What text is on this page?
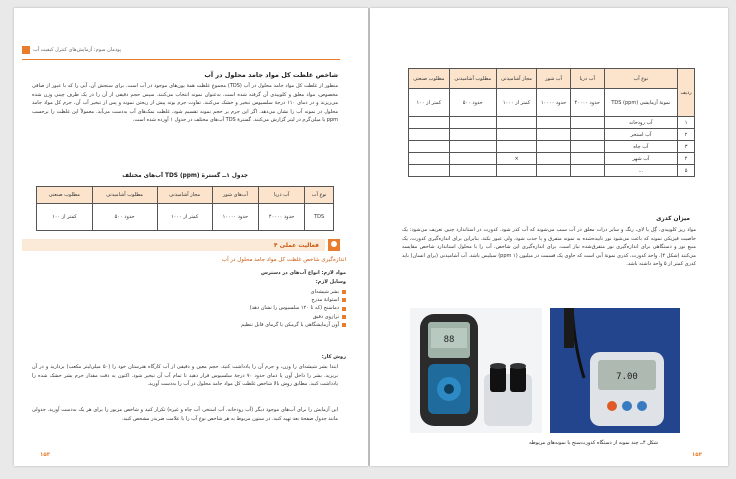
پودمان سوم: آزمایش‌های کنترل کیفیت آب
شاخص غلظت کل مواد جامد محلول در آب
منظور از غلظت کل مواد جامد محلول در آب (TDS) مجموع غلظت همهٔ یون‌های موجود در آب است. برای سنجش آن، آبی را که با عبور از صافی مخصوص، مواد معلق و کلوییدی آن گرفته شده است، به‌عنوان نمونه انتخاب می‌کنند. سپس حجم دقیقی از آن را در یک ظرف چینی وزن شده می‌ریزند و در دمای ۱۱۰ درجهٔ سلسیوس تبخیر و خشک می‌کنند. تفاوت جرم بوته پیش از ریختن نمونه و پس از تبخیر آب آن، جرم کل مواد جامد محلول در نمونه آب را نشان می‌دهد. اگر این جرم بر حجم نمونه تقسیم شود، غلظت نمک‌های آب به‌دست می‌آید. معمولاً این غلظت را برحسب ppm یا میلی‌گرم در لیتر گزارش می‌کنند. گسترهٔ TDS آب‌های مختلف در جدول ۱ آورده شده است.
جدول ۱ــ گسترهٔ TDS (ppm) آب‌های مختلف
نوع آب	آب دریا	آب‌های شور	مجاز آشامیدنی	مطلوب آشامیدنی	مطلوب صنعتی
TDS	حدود ۴۰۰۰۰	حدود ۱۰۰۰۰	کمتر از ۱۰۰۰	حدود ۵۰۰	کمتر از ۱۰۰
فعالیت عملی ۴
اندازه‌گیری شاخص غلظت کل مواد جامد محلول در آب
مواد لازم: انواع آب‌های در دسترس
وسایل لازم:
بشر شیشه‌ای
استوانهٔ مدرج
دماسنج (که تا ۱۲۰ سلسیوس را نشان دهد)
ترازوی دقیق
آون آزمایشگاهی یا گرمکن یا گرمای قابل تنظیم
روش کار:
ابتدا بشر شیشه‌ای را وزن، و جرم آن را یادداشت کنید. حجم معین و دقیقی از آب کارگاه هنرستان خود را (۵۰ میلی‌لیتر مکعب) بردارید و در آن بریزید. بشر را داخل آون یا دمای حدود ۷۰ درجهٔ سلسیوس قرار دهید تا تمام آب آن تبخیر شود. اکنون به دقت مقدار جرم بشر خشک شده را یادداشت کنید. مطابق روش بالا شاخص غلظت کل مواد جامد محلول در آب را به‌دست آورید.
این آزمایش را برای آب‌های موجود دیگر (آب رودخانه، آب استخر، آب چاه و غیره) تکرار کنید و شاخص مزبور را برای هر یک به‌دست آورید. جدولی مانند جدول صفحهٔ بعد تهیه کنید. در ستون مربوط به هر شاخص نوع آب را با علامت ضربدر مشخص کنید.
۱۵۳
ردیف	نوع آب	آب دریا	آب شور	مجاز آشامیدنی	مطلوب آشامیدنی	مطلوب صنعتی
	نمونهٔ آزمایشی (ppm) TDS	حدود ۴۰۰۰۰	حدود ۱۰۰۰۰	کمتر از ۱۰۰۰	حدود ۵۰۰	کمتر از ۱۰۰
۱	آب رودخانه					
۲	آب استخر					
۳	آب چاه					
۴	آب شهر			×		
۵	...					
میزان کدری
مواد ریز کلوییدی، گِل یا لای، رنگ و سایر ذرات معلق در آب سبب می‌شوند که آب کدر شود. کدورت در استاندارد چنین تعریف می‌شود: یک خاصیت فیزیکی نمونه که باعث می‌شود نور تابیده‌شده به نمونه متفرق و یا جذب شود، ولی عبور نکند. بنابراین برای اندازه‌گیری کدورت، یک منبع نور و دستگاهی برای اندازه‌گیری نور متفرق‌شده نیاز است. برای اندازه‌گیری این شاخص، آب را با محلول استاندارد شاخص مقایسه می‌کنند (شکل ۴). واحد کدورت، کدری نمونهٔ آبی است که حاوی یک قسمت در میلیون (ppm ۱) سیلیس باشد. آب آشامیدنی (برای انسان) باید کدری کمتر از ۵ واحد داشته باشد.
88
7.00
شکل ۴ــ چند نمونه از دستگاه کدورت‌سنج با نمونه‌های مربوطه
۱۵۴
